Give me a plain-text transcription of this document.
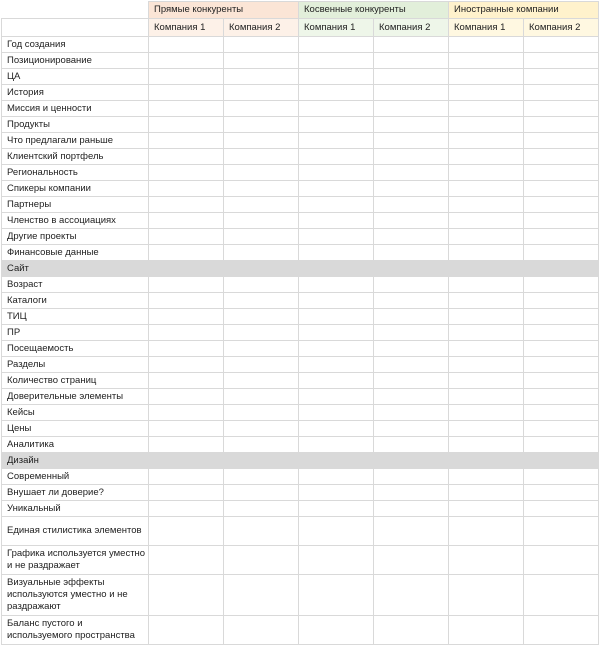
	Прямые конкуренты		Косвенные конкуренты		Иностранные компании	
	Компания 1	Компания 2	Компания 1	Компания 2	Компания 1	Компания 2
Год создания						
Позиционирование						
ЦА						
История						
Миссия и ценности						
Продукты						
Что предлагали раньше						
Клиентский портфель						
Региональность						
Спикеры компании						
Партнеры						
Членство в ассоциациях						
Другие проекты						
Финансовые данные						
Сайт						
Возраст						
Каталоги						
ТИЦ						
ПР						
Посещаемость						
Разделы						
Количество страниц						
Доверительные элементы						
Кейсы						
Цены						
Аналитика						
Дизайн						
Современный						
Внушает ли доверие?						
Уникальный						
Единая стилистика элементов						
Графика используется уместно и не раздражает						
Визуальные эффекты используются уместно и не раздражают						
Баланс пустого и используемого пространства						
